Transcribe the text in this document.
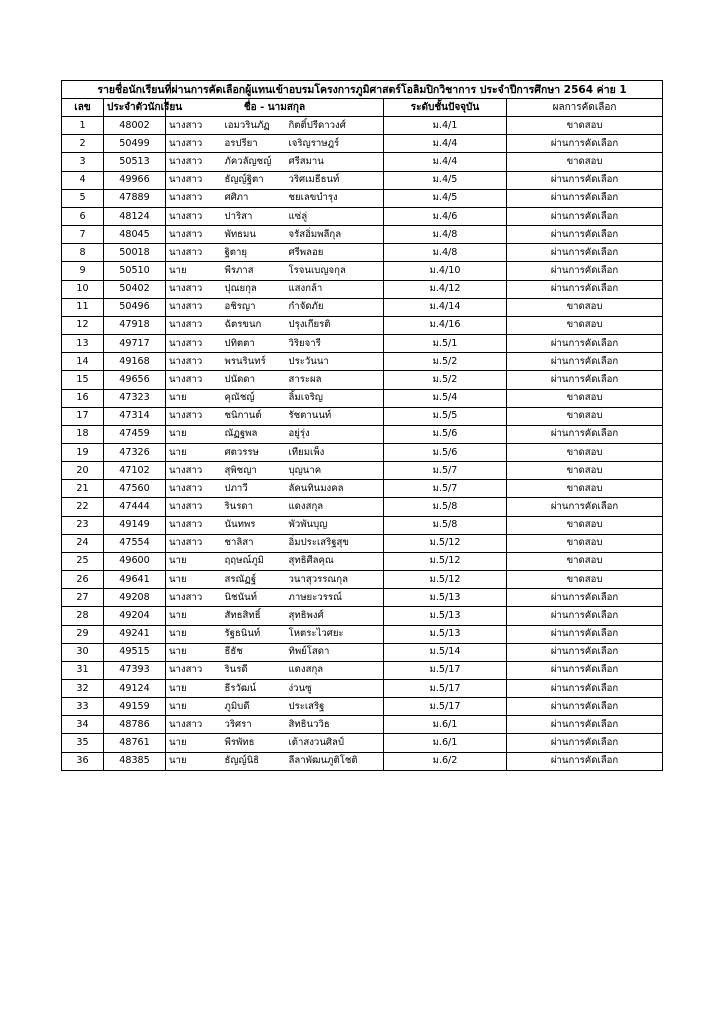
รายชื่อนักเรียนที่ผ่านการคัดเลือกผู้แทนเข้าอบรมโครงการภูมิศาสตร์โอลิมปิกวิชาการ ประจำปีการศึกษา 2564 ค่าย 1						
เลข	ประจำตัวนักเรียน	ชื่อ - นามสกุล			ระดับชั้นปัจจุบัน	ผลการคัดเลือก
1	48002	นางสาว	เอมวรินภัฏ	กิตติ์ปรีดาวงศ์	ม.4/1	ขาดสอบ
2	50499	นางสาว	อรปรียา	เจริญราษฎร์	ม.4/4	ผ่านการคัดเลือก
3	50513	นางสาว	ภัควลัญชญ์	ศรีสมาน	ม.4/4	ขาดสอบ
4	49966	นางสาว	ธัญญ์ฐิตา	วริศเมธีธนท์	ม.4/5	ผ่านการคัดเลือก
5	47889	นางสาว	ศศิภา	ชยเลขบำรุง	ม.4/5	ผ่านการคัดเลือก
6	48124	นางสาว	ปาริสา	แซ่ลู่	ม.4/6	ผ่านการคัดเลือก
7	48045	นางสาว	พัทธมน	จรัสอิ่มพลีกุล	ม.4/8	ผ่านการคัดเลือก
8	50018	นางสาว	ฐิตายุ	ศรีพลอย	ม.4/8	ผ่านการคัดเลือก
9	50510	นาย	พีรภาส	โรจนเบญจกุล	ม.4/10	ผ่านการคัดเลือก
10	50402	นางสาว	ปุณยกุล	แสงกล้า	ม.4/12	ผ่านการคัดเลือก
11	50496	นางสาว	อชิรญา	กำจัดภัย	ม.4/14	ขาดสอบ
12	47918	นางสาว	ฉัตรขนก	ปรุงเกียรติ	ม.4/16	ขาดสอบ
13	49717	นางสาว	ปทิตตา	วิริยจารี	ม.5/1	ผ่านการคัดเลือก
14	49168	นางสาว	พรนรินทร์	ประวันนา	ม.5/2	ผ่านการคัดเลือก
15	49656	นางสาว	ปนัดดา	สาระผล	ม.5/2	ผ่านการคัดเลือก
16	47323	นาย	คุณัชญ์	ลิ้มเจริญ	ม.5/4	ขาดสอบ
17	47314	นางสาว	ชนิกานต์	รัชตานนท์	ม.5/5	ขาดสอบ
18	47459	นาย	ณัฏฐพล	อยู่รุ่ง	ม.5/6	ผ่านการคัดเลือก
19	47326	นาย	ศตวรรษ	เทียมเพ็ง	ม.5/6	ขาดสอบ
20	47102	นางสาว	สุพิชญา	บุญนาค	ม.5/7	ขาดสอบ
21	47560	นางสาว	ปภาวี	ลัคนทินมงคล	ม.5/7	ขาดสอบ
22	47444	นางสาว	รินรดา	แดงสกุล	ม.5/8	ผ่านการคัดเลือก
23	49149	นางสาว	นันทพร	พัวพันบุญ	ม.5/8	ขาดสอบ
24	47554	นางสาว	ชาลิสา	อิ่มประเสริฐสุข	ม.5/12	ขาดสอบ
25	49600	นาย	ฤฤษณ์ภูมิ	สุทธิศีลคุณ	ม.5/12	ขาดสอบ
26	49641	นาย	สรณัฏฐ์	วนาสุวรรณกุล	ม.5/12	ขาดสอบ
27	49208	นางสาว	นิชนันท์	ภาษยะวรรณ์	ม.5/13	ผ่านการคัดเลือก
28	49204	นาย	สัทธสิทธิ์	สุทธิพงศ์	ม.5/13	ผ่านการคัดเลือก
29	49241	นาย	รัฐธนินท์	โหตระไวศยะ	ม.5/13	ผ่านการคัดเลือก
30	49515	นาย	ธีธัช	ทิพย์โสดา	ม.5/14	ผ่านการคัดเลือก
31	47393	นางสาว	รินรดี	แดงสกุล	ม.5/17	ผ่านการคัดเลือก
32	49124	นาย	ธีรวัฒน์	ง่วนซู	ม.5/17	ผ่านการคัดเลือก
33	49159	นาย	ภูมิบดี	ประเสริฐ	ม.5/17	ผ่านการคัดเลือก
34	48786	นางสาว	วริศรา	สิทธินววิธ	ม.6/1	ผ่านการคัดเลือก
35	48761	นาย	พีรพัทธ	เต้าสงวนศิลป์	ม.6/1	ผ่านการคัดเลือก
36	48385	นาย	ธัญญ์นิธิ	ลีลาพัฒนภูติโชติ	ม.6/2	ผ่านการคัดเลือก
